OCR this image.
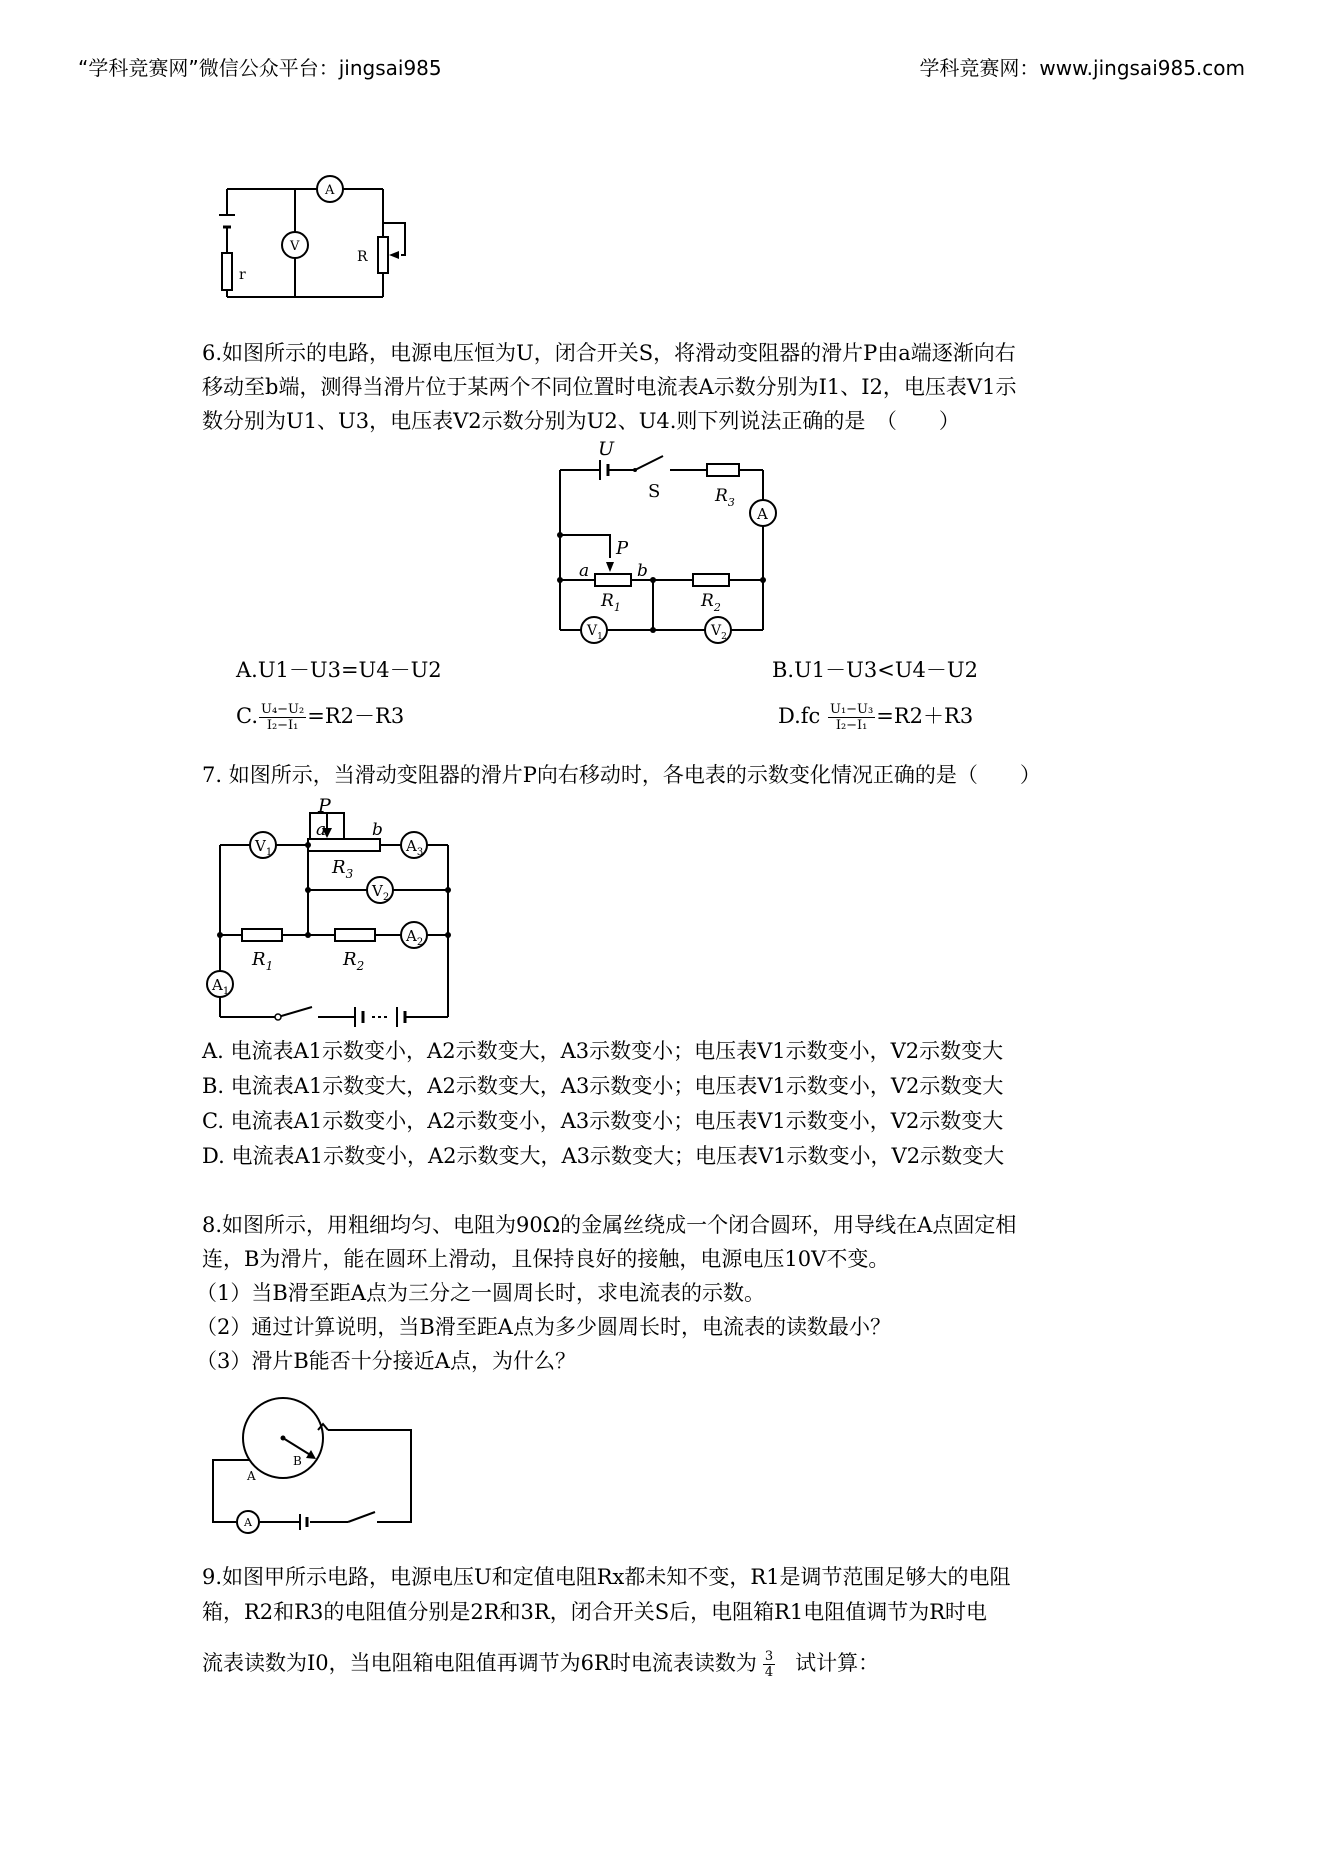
“学科竞赛网”微信公众平台：jingsai985	学科竞赛网：www.jingsai985.com
r
A
V
R
6.如图所示的电路，电源电压恒为U，闭合开关S，将滑动变阻器的滑片P由a端逐渐向右
移动至b端，测得当滑片位于某两个不同位置时电流表A示数分别为I1、I2，电压表V1示
数分别为U1、U3，电压表V2示数分别为U2、U4.则下列说法正确的是　（　　）
U
S	$R_3$
A
P
a	b
$R_1$	$R_2$
$V_1$	$V_2$
A.U1－U3=U4－U2	B.U1－U3<U4－U2
C. $\frac{\text{U₄−U₂}}{\text{I₂−I₁}} =R2-R3$	$D.fc \frac{\text{U₁−U₃}}{\text{I₂−I₁}} =R2+R3$
7. 如图所示，当滑动变阻器的滑片P向右移动时，各电表的示数变化情况正确的是（　　）
P
a	b
$R_3$
$V_1$	$A_3$
$V_2$
$R_1$	$R_2$
$A_2$
$A_1$
A. 电流表A1示数变小，A2示数变大，A3示数变小；电压表V1示数变小，V2示数变大
B. 电流表A1示数变大，A2示数变大，A3示数变小；电压表V1示数变小，V2示数变大
C. 电流表A1示数变小，A2示数变小，A3示数变小；电压表V1示数变小，V2示数变大
D. 电流表A1示数变小，A2示数变大，A3示数变大；电压表V1示数变小，V2示数变大
8.如图所示，用粗细均匀、电阻为90Ω的金属丝绕成一个闭合圆环，用导线在A点固定相
连，B为滑片，能在圆环上滑动，且保持良好的接触，电源电压10V不变。
（1）当B滑至距A点为三分之一圆周长时，求电流表的示数。
（2）通过计算说明，当B滑至距A点为多少圆周长时，电流表的读数最小？
（3）滑片B能否十分接近A点，为什么？
A
B
A
9.如图甲所示电路，电源电压U和定值电阻Rx都未知不变，R1是调节范围足够大的电阻
箱，R2和R3的电阻值分别是2R和3R，闭合开关S后，电阻箱R1电阻值调节为R时电
流表读数为I0，当电阻箱电阻值再调节为6R时电流表读数为 $\frac{3}{4}$ 试计算：
